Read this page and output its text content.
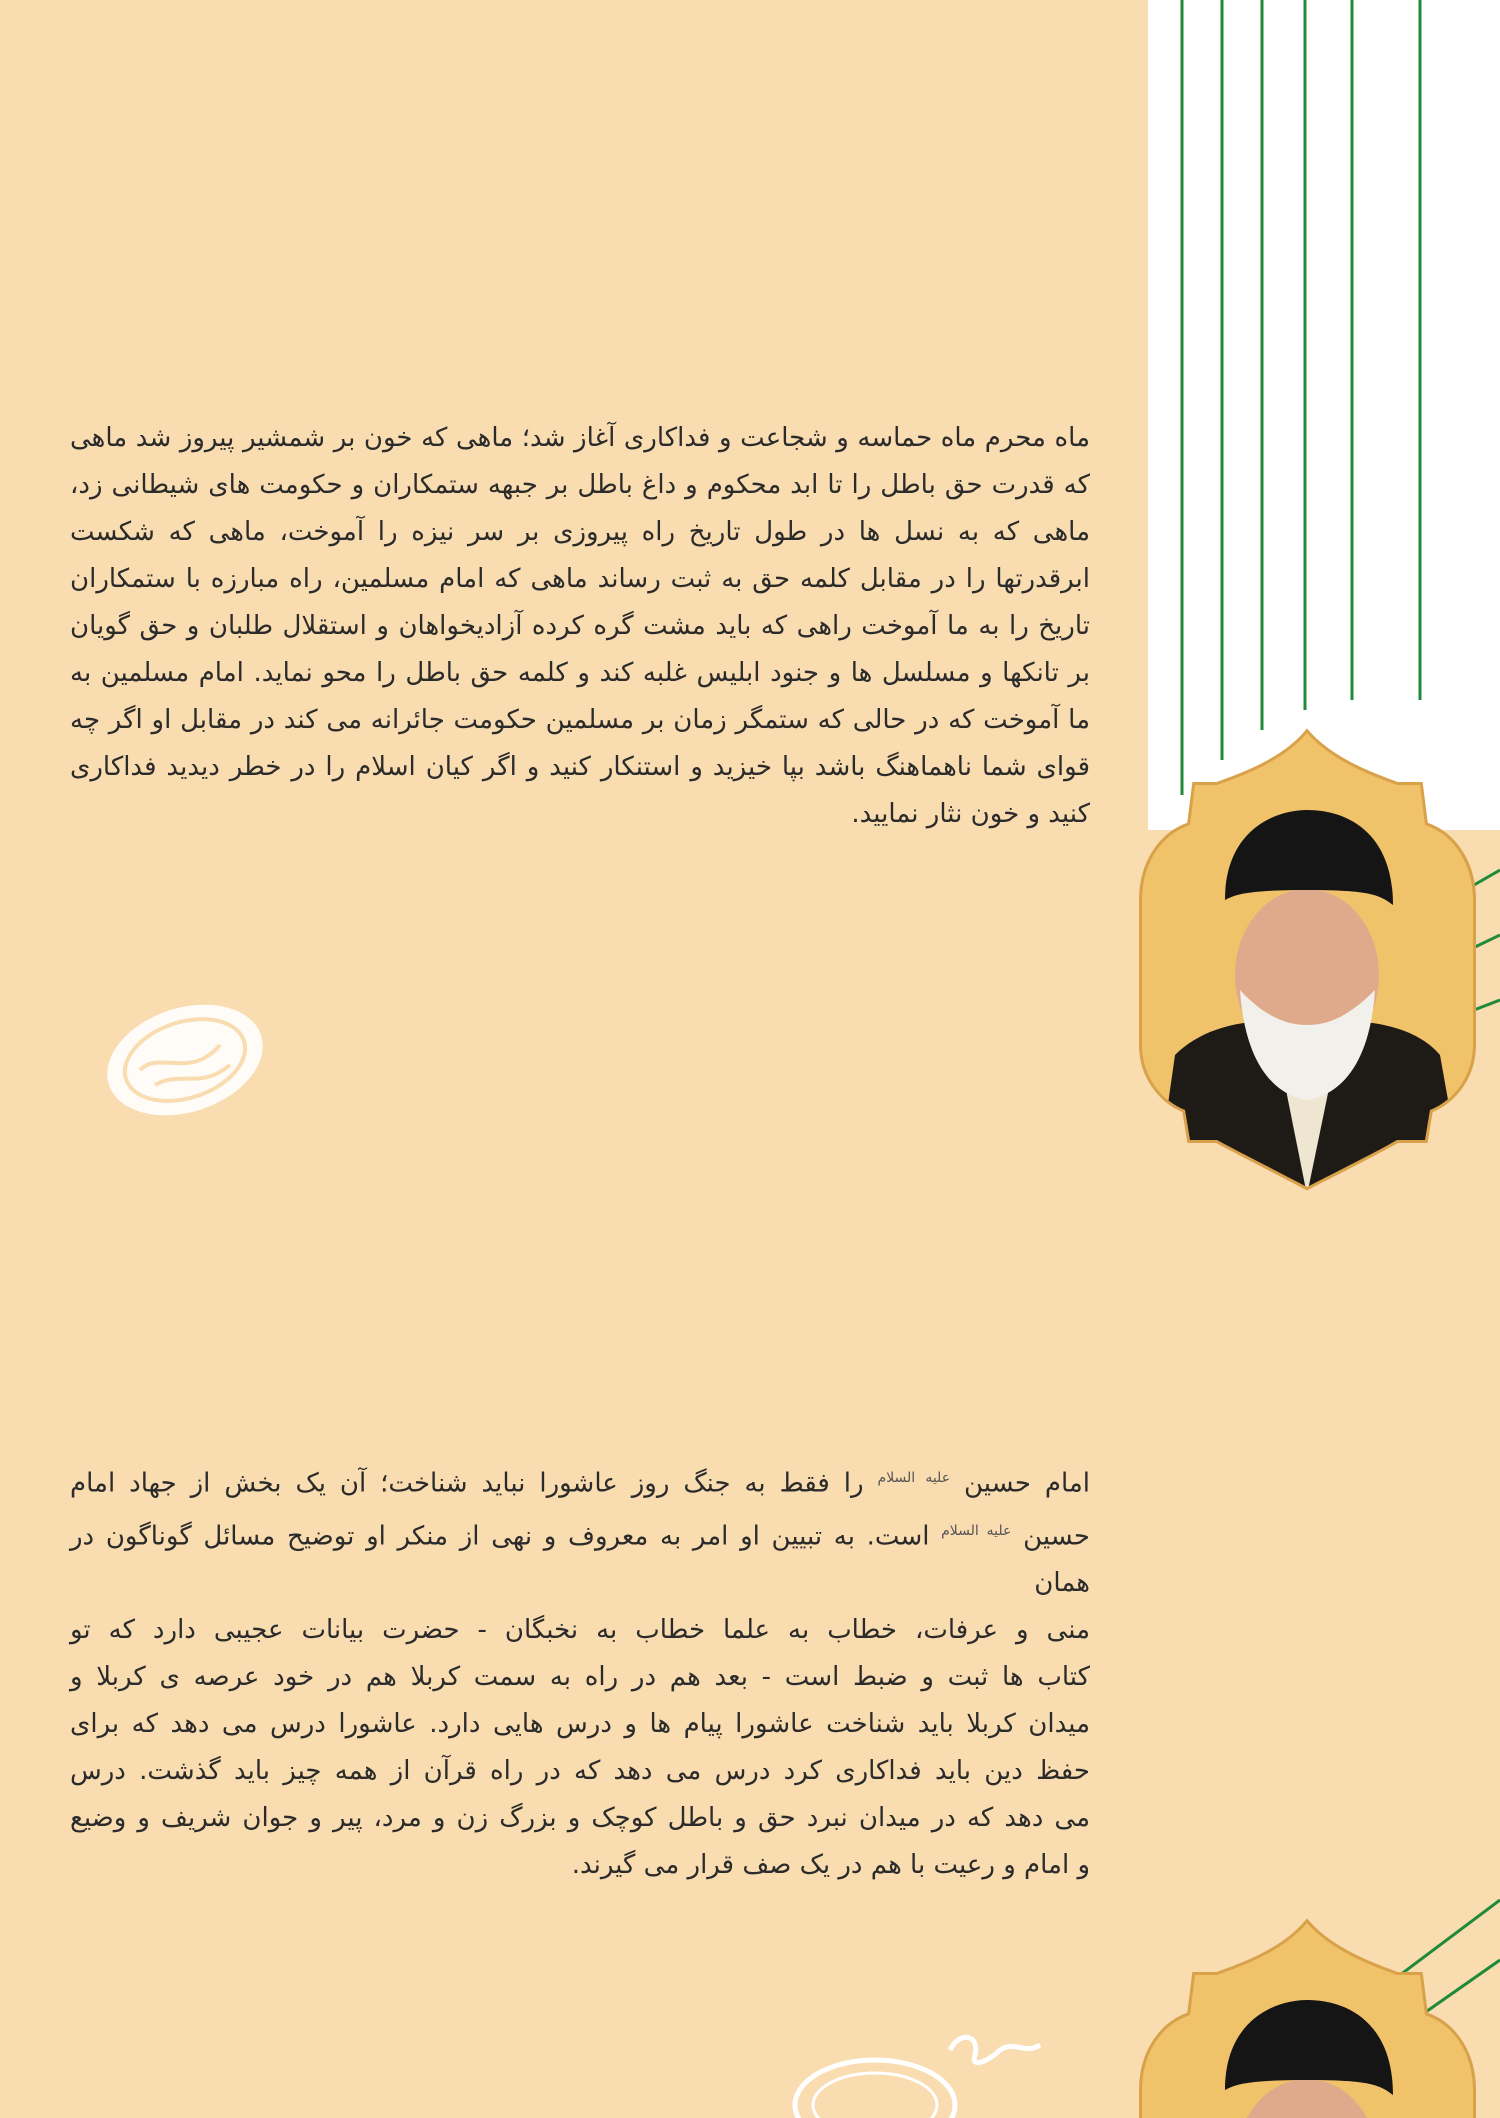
ماه محرم ماه حماسه و شجاعت و فداکاری آغاز شد؛ ماهی که خون بر شمشیر پیروز شد ماهی که قدرت حق باطل را تا ابد محکوم و داغ باطل بر جبهه ستمکاران و حکومت های شیطانی زد، ماهی که به نسل ها در طول تاریخ راه پیروزی بر سر نیزه را آموخت، ماهی که شکست ابرقدرتها را در مقابل کلمه حق به ثبت رساند ماهی که امام مسلمین، راه مبارزه با ستمکاران تاریخ را به ما آموخت راهی که باید مشت گره کرده آزادیخواهان و استقلال طلبان و حق گویان بر تانکها و مسلسل ها و جنود ابلیس غلبه کند و کلمه حق باطل را محو نماید. امام مسلمین به ما آموخت که در حالی که ستمگر زمان بر مسلمین حکومت جائرانه می کند در مقابل او اگر چه قوای شما ناهماهنگ باشد بپا خیزید و استنکار کنید و اگر کیان اسلام را در خطر دیدید فداکاری کنید و خون نثار نمایید.
امام حسین $^{علیه السلام}$ را فقط به جنگ روز عاشورا نباید شناخت؛ آن یک بخش از جهاد امام
حسین $^{علیه السلام}$ است. به تبیین او امر به معروف و نهی از منکر او توضیح مسائل گوناگون در همان
منی و عرفات، خطاب به علما خطاب به نخبگان - حضرت بیانات عجیبی دارد که تو
کتاب ها ثبت و ضبط است - بعد هم در راه به سمت کربلا هم در خود عرصه ی کربلا و
میدان کربلا باید شناخت عاشورا پیام ها و درس هایی دارد. عاشورا درس می دهد که برای
حفظ دین باید فداکاری کرد درس می دهد که در راه قرآن از همه چیز باید گذشت. درس
می دهد که در میدان نبرد حق و باطل کوچک و بزرگ زن و مرد، پیر و جوان شریف و وضیع
و امام و رعیت با هم در یک صف قرار می گیرند.
